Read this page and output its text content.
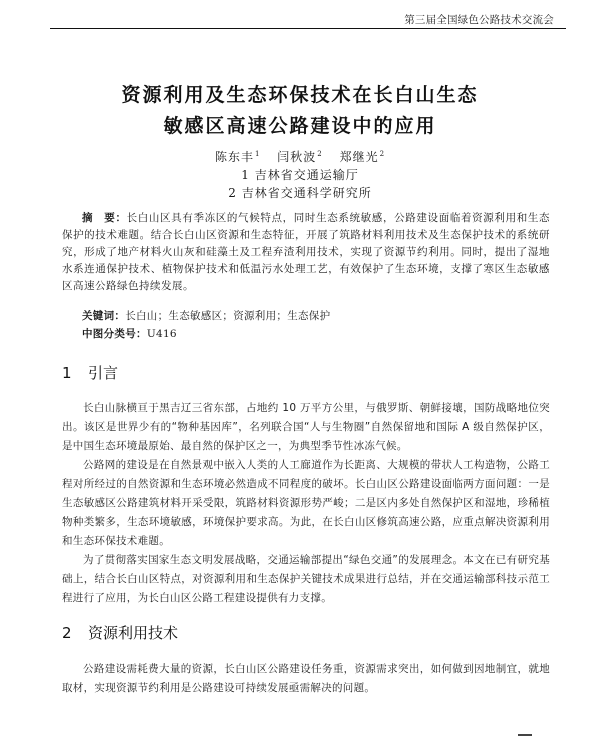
第三届全国绿色公路技术交流会
资源利用及生态环保技术在长白山生态
敏感区高速公路建设中的应用
陈东丰$^1$ 闫秋波$^2$ 郑继光$^2$
1 吉林省交通运输厅
2 吉林省交通科学研究所
摘　要：长白山区具有季冻区的气候特点，同时生态系统敏感，公路建设面临着资源利用和生态保护的技术难题。结合长白山区资源和生态特征，开展了筑路材料利用技术及生态保护技术的系统研究，形成了地产材料火山灰和硅藻土及工程弃渣利用技术，实现了资源节约利用。同时，提出了湿地水系连通保护技术、植物保护技术和低温污水处理工艺，有效保护了生态环境，支撑了寒区生态敏感区高速公路绿色持续发展。
关键词：长白山；生态敏感区；资源利用；生态保护
中图分类号：U416
1 引言
长白山脉横亘于黑吉辽三省东部，占地约 10 万平方公里，与俄罗斯、朝鲜接壤，国防战略地位突出。该区是世界少有的“物种基因库”，名列联合国“人与生物圈”自然保留地和国际 A 级自然保护区，是中国生态环境最原始、最自然的保护区之一，为典型季节性冰冻气候。
公路网的建设是在自然景观中嵌入人类的人工廊道作为长距离、大规模的带状人工构造物，公路工程对所经过的自然资源和生态环境必然造成不同程度的破坏。长白山区公路建设面临两方面问题：一是生态敏感区公路建筑材料开采受限，筑路材料资源形势严峻；二是区内多处自然保护区和湿地，珍稀植物种类繁多，生态环境敏感，环境保护要求高。为此，在长白山区修筑高速公路，应重点解决资源利用和生态环保技术难题。
为了贯彻落实国家生态文明发展战略，交通运输部提出“绿色交通”的发展理念。本文在已有研究基础上，结合长白山区特点，对资源利用和生态保护关键技术成果进行总结，并在交通运输部科技示范工程进行了应用，为长白山区公路工程建设提供有力支撑。
2 资源利用技术
公路建设需耗费大量的资源，长白山区公路建设任务重，资源需求突出，如何做到因地制宜，就地取材，实现资源节约利用是公路建设可持续发展亟需解决的问题。
